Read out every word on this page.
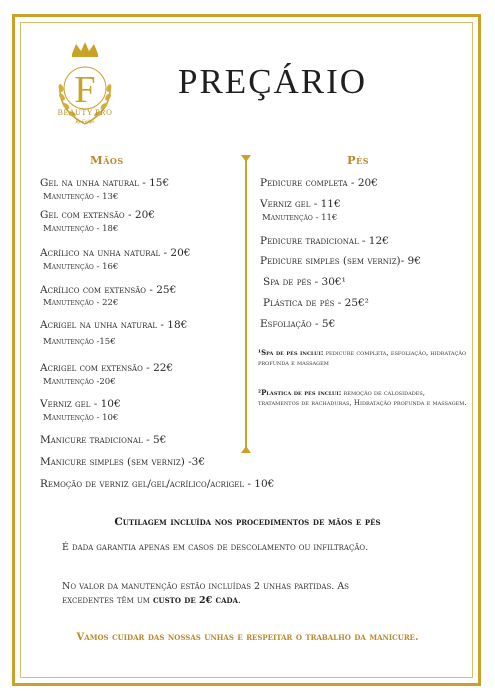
F
BEAUTY PRO
By Felipe
PREÇÁRIO
Mãos	Pés
Gel na unha natural - 15€
Manutenção - 13€
Gel com extensão - 20€
Manutenção - 18€
Acrílico na unha natural - 20€
Manutenção - 16€
Acrílico com extensão - 25€
Manutenção - 22€
Acrigel na unha natural - 18€
Manutenção -15€
Acrigel com extensão - 22€
Manutenção -20€
Verniz gel - 10€
Manutenção - 10€
Manicure tradicional - 5€
Manicure simples (sem verniz) -3€
Remoção de verniz gel/gel/acrílico/acrigel - 10€
Pedicure completa - 20€
Verniz gel - 11€
Manutenção - 11€
Pedicure tradicional - 12€
Pedicure simples (sem verniz)- 9€
Spa de pés - 30€¹
Plástica de pés - 25€²
Esfoliação - 5€
¹Spa de pés inclui: pedicure completa, esfoliação, hidratação profunda e massagem
²Plástica de pés inclui: remoção de calosidades, tratamentos de rachaduras, Hidratação profunda e massagem.
Cutilagem incluída nos procedimentos de mãos e pés
É dada garantia apenas em casos de descolamento ou infiltração.
No valor da manutenção estão incluídas 2 unhas partidas. As excedentes têm um custo de 2€ cada.
Vamos cuidar das nossas unhas e respeitar o trabalho da manicure.
